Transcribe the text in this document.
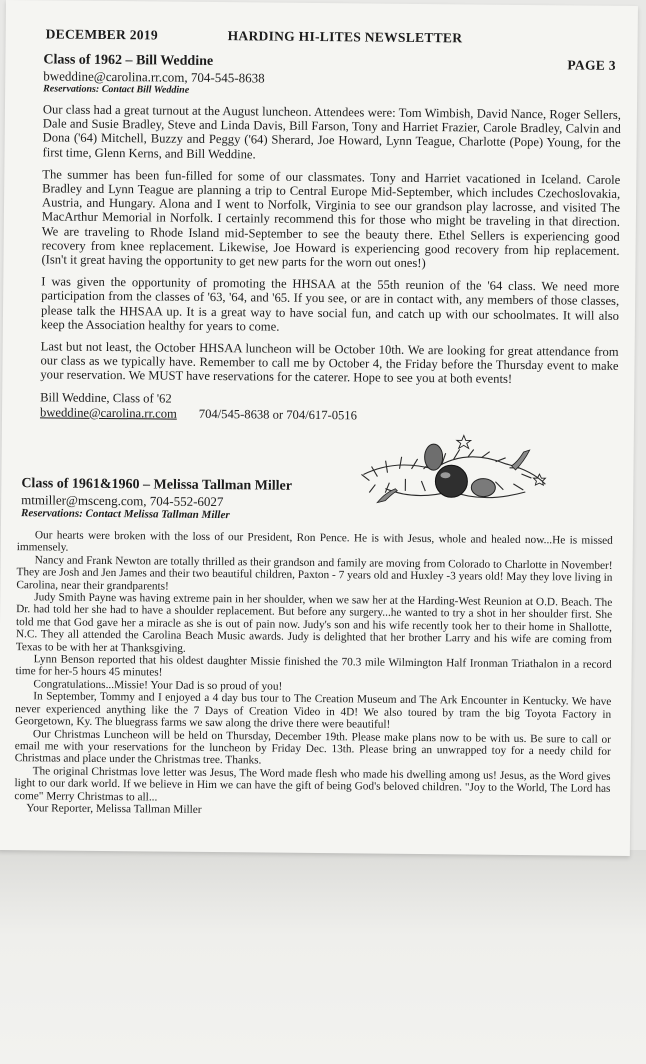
DECEMBER 2019	HARDING HI-LITES NEWSLETTER
PAGE 3

Class of 1962 – Bill Weddine

bweddine@carolina.rr.com, 704-545-8638

Reservations: Contact Bill Weddine

Our class had a great turnout at the August luncheon. Attendees were: Tom Wimbish, David Nance, Roger Sellers, Dale and Susie Bradley, Steve and Linda Davis, Bill Farson, Tony and Harriet Frazier, Carole Bradley, Calvin and Dona ('64) Mitchell, Buzzy and Peggy ('64) Sherard, Joe Howard, Lynn Teague, Charlotte (Pope) Young, for the first time, Glenn Kerns, and Bill Weddine.

The summer has been fun-filled for some of our classmates. Tony and Harriet vacationed in Iceland. Carole Bradley and Lynn Teague are planning a trip to Central Europe Mid-September, which includes Czechoslovakia, Austria, and Hungary. Alona and I went to Norfolk, Virginia to see our grandson play lacrosse, and visited The MacArthur Memorial in Norfolk. I certainly recommend this for those who might be traveling in that direction. We are traveling to Rhode Island mid-September to see the beauty there. Ethel Sellers is experiencing good recovery from knee replacement. Likewise, Joe Howard is experiencing good recovery from hip replacement. (Isn't it great having the opportunity to get new parts for the worn out ones!)

I was given the opportunity of promoting the HHSAA at the 55th reunion of the '64 class. We need more participation from the classes of '63, '64, and '65. If you see, or are in contact with, any members of those classes, please talk the HHSAA up. It is a great way to have social fun, and catch up with our schoolmates. It will also keep the Association healthy for years to come.

Last but not least, the October HHSAA luncheon will be October 10th. We are looking for great attendance from our class as we typically have. Remember to call me by October 4, the Friday before the Thursday event to make your reservation. We MUST have reservations for the caterer. Hope to see you at both events!

Bill Weddine, Class of '62

bweddine@carolina.rr.com 704/545-8638 or 704/617-0516

Class of 1961&1960 – Melissa Tallman Miller

mtmiller@msceng.com, 704-552-6027

Reservations: Contact Melissa Tallman Miller

Our hearts were broken with the loss of our President, Ron Pence. He is with Jesus, whole and healed now...He is missed immensely.

Nancy and Frank Newton are totally thrilled as their grandson and family are moving from Colorado to Charlotte in November! They are Josh and Jen James and their two beautiful children, Paxton - 7 years old and Huxley -3 years old! May they love living in Carolina, near their grandparents!

Judy Smith Payne was having extreme pain in her shoulder, when we saw her at the Harding-West Reunion at O.D. Beach. The Dr. had told her she had to have a shoulder replacement. But before any surgery...he wanted to try a shot in her shoulder first. She told me that God gave her a miracle as she is out of pain now. Judy's son and his wife recently took her to their home in Shallotte, N.C. They all attended the Carolina Beach Music awards. Judy is delighted that her brother Larry and his wife are coming from Texas to be with her at Thanksgiving.

Lynn Benson reported that his oldest daughter Missie finished the 70.3 mile Wilmington Half Ironman Triathalon in a record time for her-5 hours 45 minutes!

Congratulations...Missie! Your Dad is so proud of you!

In September, Tommy and I enjoyed a 4 day bus tour to The Creation Museum and The Ark Encounter in Kentucky. We have never experienced anything like the 7 Days of Creation Video in 4D! We also toured by tram the big Toyota Factory in Georgetown, Ky. The bluegrass farms we saw along the drive there were beautiful!

Our Christmas Luncheon will be held on Thursday, December 19th. Please make plans now to be with us. Be sure to call or email me with your reservations for the luncheon by Friday Dec. 13th. Please bring an unwrapped toy for a needy child for Christmas and place under the Christmas tree. Thanks.

The original Christmas love letter was Jesus, The Word made flesh who made his dwelling among us! Jesus, as the Word gives light to our dark world. If we believe in Him we can have the gift of being God's beloved children. "Joy to the World, The Lord has come" Merry Christmas to all...

Your Reporter, Melissa Tallman Miller
